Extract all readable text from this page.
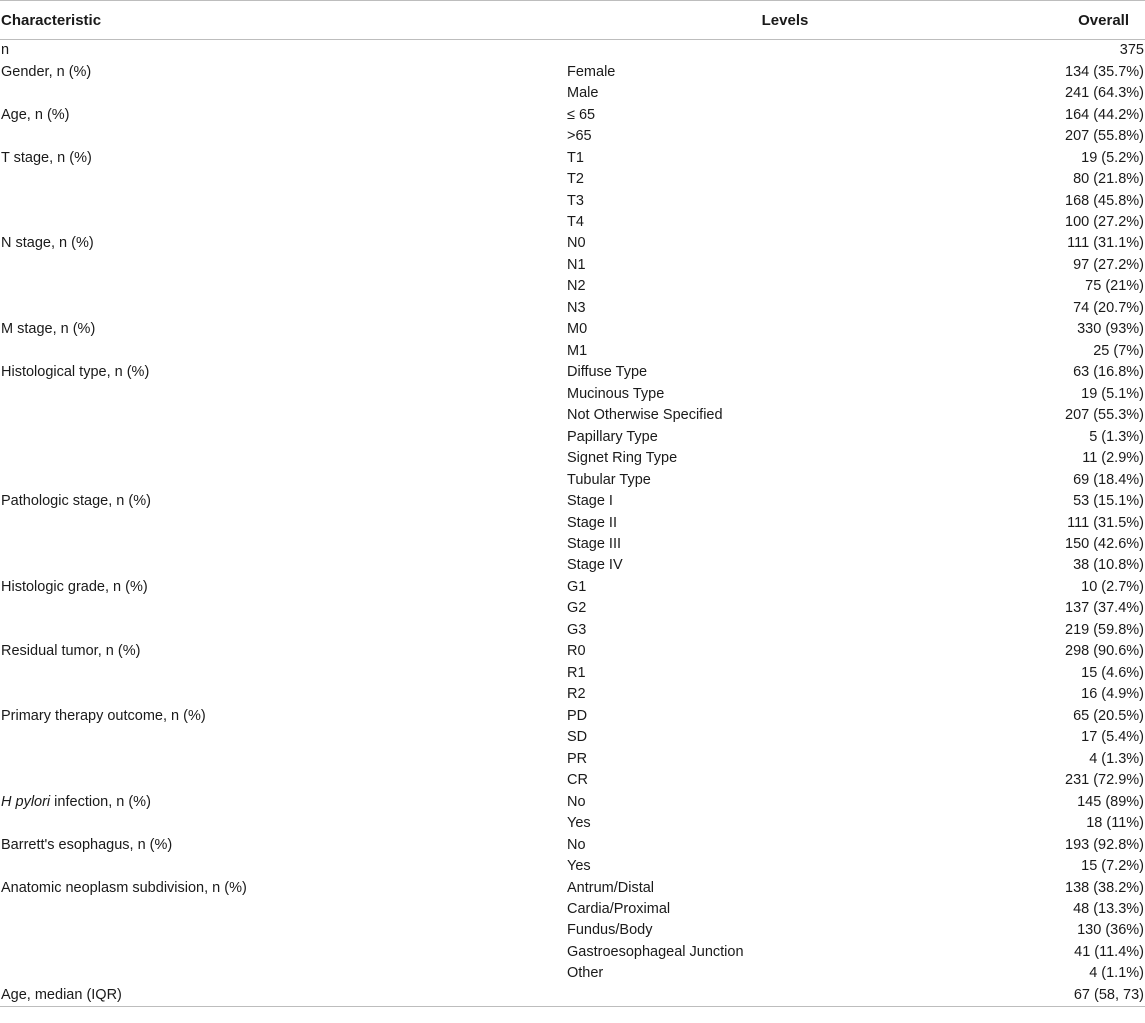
Characteristic	Levels	Overall
n		375
Gender, n (%)	Female	134 (35.7%)
	Male	241 (64.3%)
Age, n (%)	≤ 65	164 (44.2%)
	>65	207 (55.8%)
T stage, n (%)	T1	19 (5.2%)
	T2	80 (21.8%)
	T3	168 (45.8%)
	T4	100 (27.2%)
N stage, n (%)	N0	111 (31.1%)
	N1	97 (27.2%)
	N2	75 (21%)
	N3	74 (20.7%)
M stage, n (%)	M0	330 (93%)
	M1	25 (7%)
Histological type, n (%)	Diffuse Type	63 (16.8%)
	Mucinous Type	19 (5.1%)
	Not Otherwise Specified	207 (55.3%)
	Papillary Type	5 (1.3%)
	Signet Ring Type	11 (2.9%)
	Tubular Type	69 (18.4%)
Pathologic stage, n (%)	Stage I	53 (15.1%)
	Stage II	111 (31.5%)
	Stage III	150 (42.6%)
	Stage IV	38 (10.8%)
Histologic grade, n (%)	G1	10 (2.7%)
	G2	137 (37.4%)
	G3	219 (59.8%)
Residual tumor, n (%)	R0	298 (90.6%)
	R1	15 (4.6%)
	R2	16 (4.9%)
Primary therapy outcome, n (%)	PD	65 (20.5%)
	SD	17 (5.4%)
	PR	4 (1.3%)
	CR	231 (72.9%)
H pylori infection, n (%)	No	145 (89%)
	Yes	18 (11%)
Barrett's esophagus, n (%)	No	193 (92.8%)
	Yes	15 (7.2%)
Anatomic neoplasm subdivision, n (%)	Antrum/Distal	138 (38.2%)
	Cardia/Proximal	48 (13.3%)
	Fundus/Body	130 (36%)
	Gastroesophageal Junction	41 (11.4%)
	Other	4 (1.1%)
Age, median (IQR)		67 (58, 73)
